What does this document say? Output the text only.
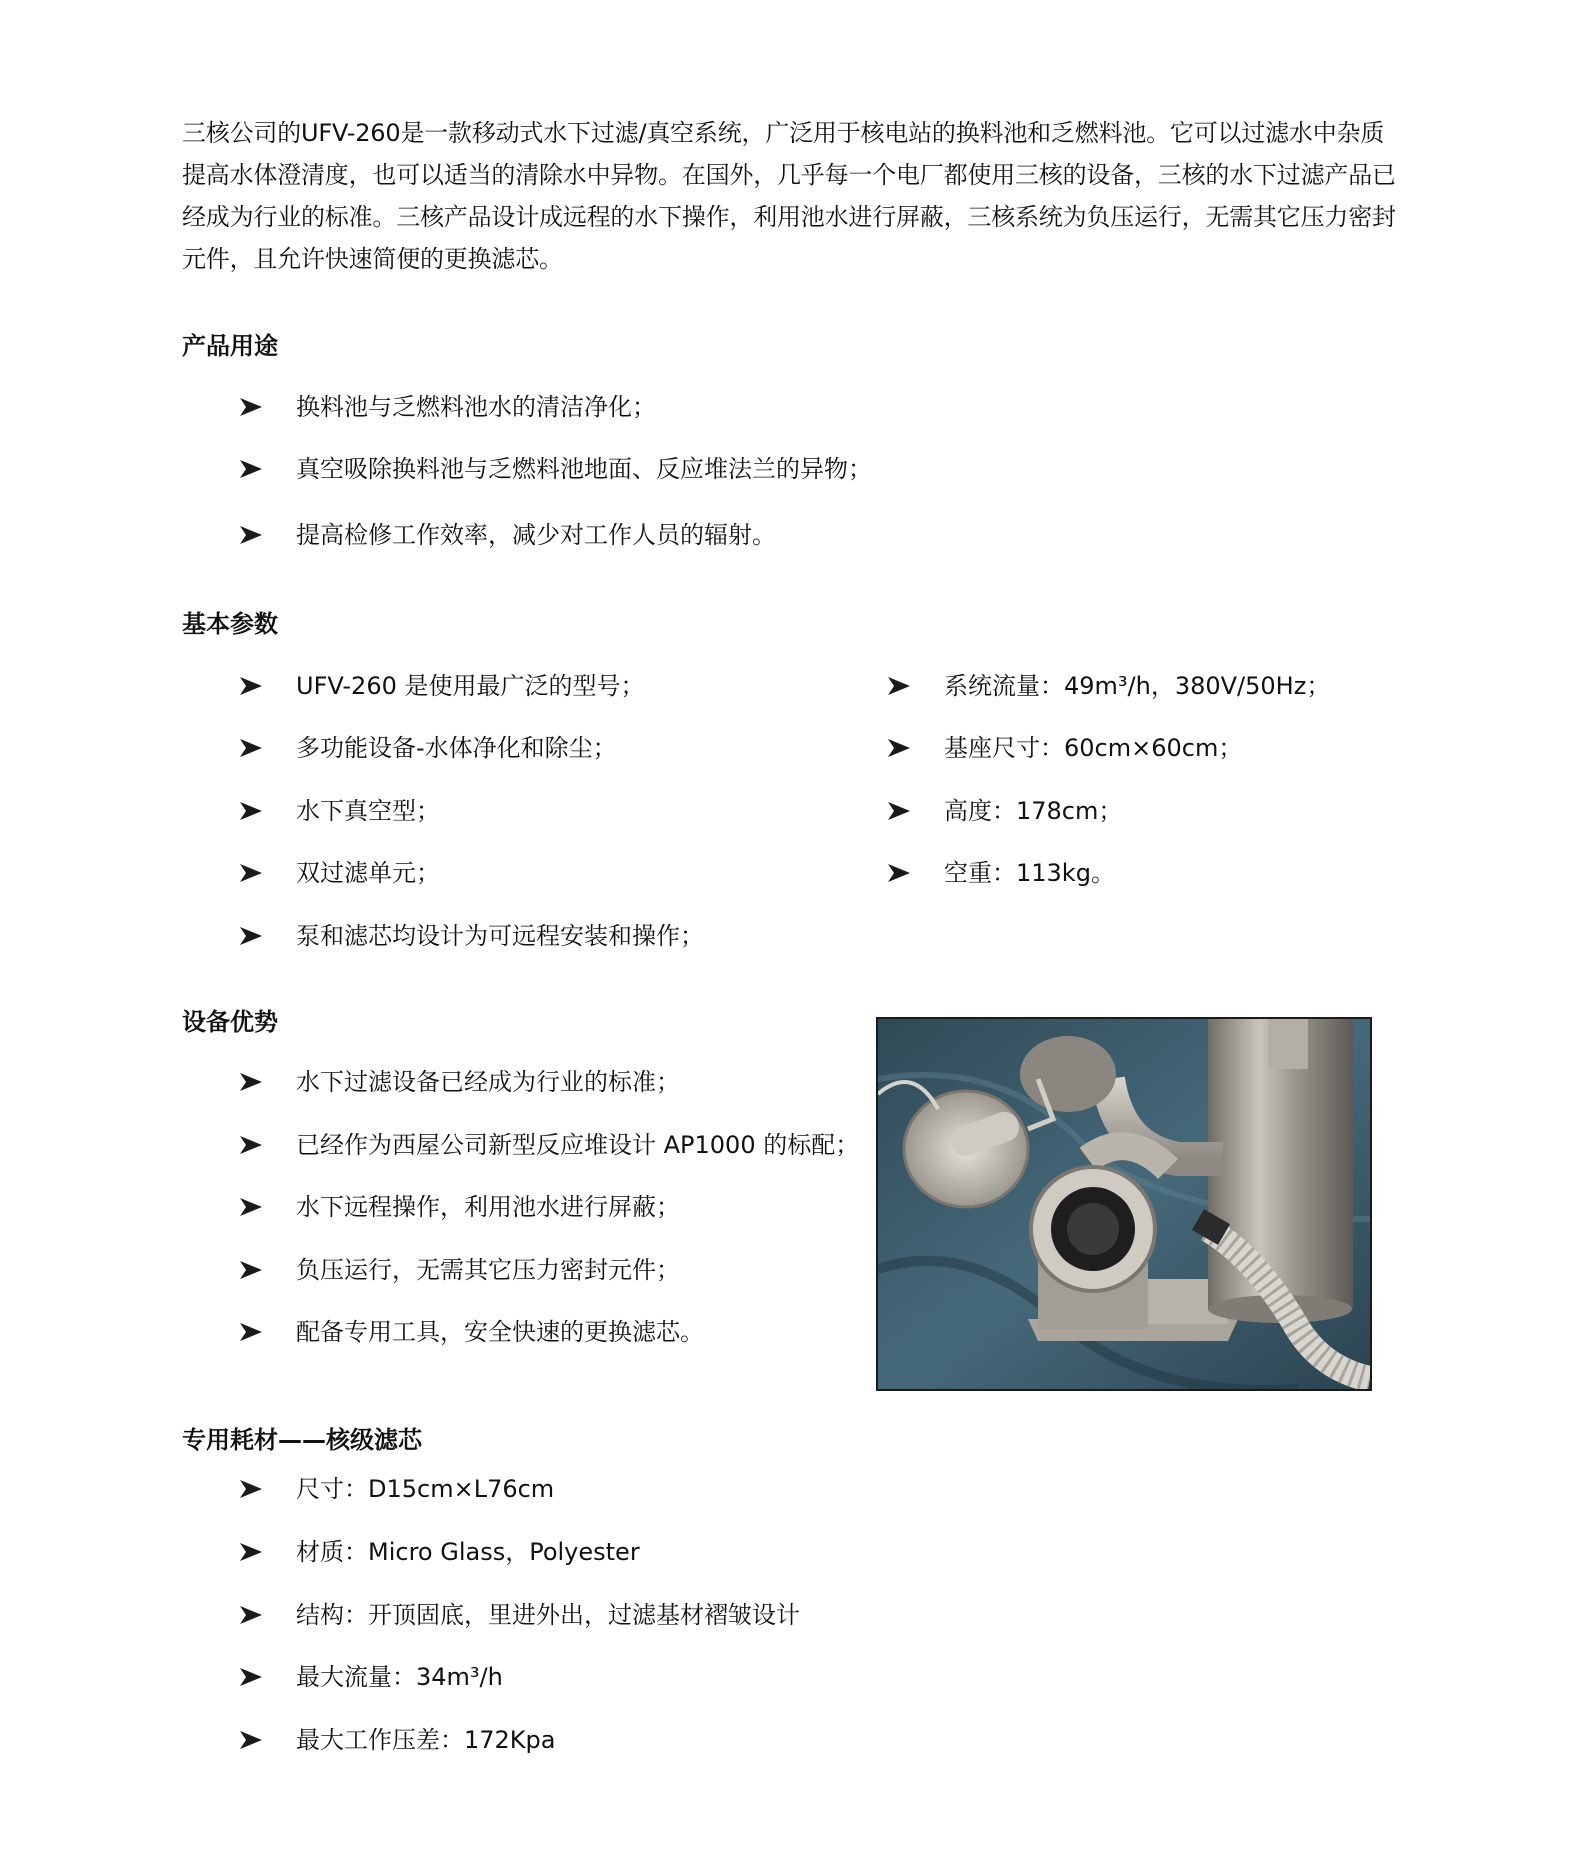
三核公司的UFV-260是一款移动式水下过滤/真空系统，广泛用于核电站的换料池和乏燃料池。它可以过滤水中杂质
提高水体澄清度，也可以适当的清除水中异物。在国外，几乎每一个电厂都使用三核的设备，三核的水下过滤产品已
经成为行业的标准。三核产品设计成远程的水下操作，利用池水进行屏蔽，三核系统为负压运行，无需其它压力密封
元件，且允许快速简便的更换滤芯。
产品用途
换料池与乏燃料池水的清洁净化；
真空吸除换料池与乏燃料池地面、反应堆法兰的异物；
提高检修工作效率，减少对工作人员的辐射。
基本参数
UFV-260 是使用最广泛的型号；
多功能设备-水体净化和除尘；
水下真空型；
双过滤单元；
泵和滤芯均设计为可远程安装和操作；
系统流量：49m³/h，380V/50Hz；
基座尺寸：60cm×60cm；
高度：178cm；
空重：113kg。
设备优势
水下过滤设备已经成为行业的标准；
已经作为西屋公司新型反应堆设计 AP1000 的标配；
水下远程操作，利用池水进行屏蔽；
负压运行，无需其它压力密封元件；
配备专用工具，安全快速的更换滤芯。
专用耗材——核级滤芯
尺寸：D15cm×L76cm
材质：Micro Glass，Polyester
结构：开顶固底，里进外出，过滤基材褶皱设计
最大流量：34m³/h
最大工作压差：172Kpa
